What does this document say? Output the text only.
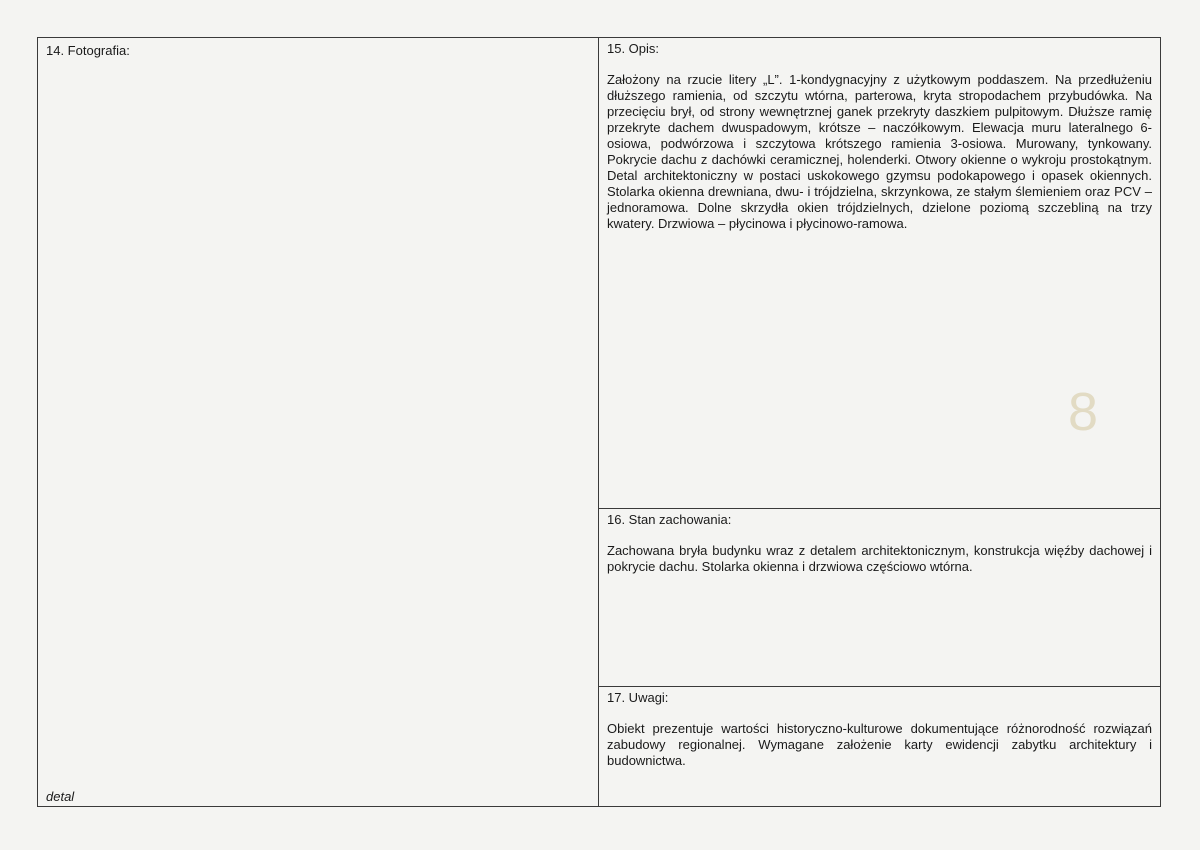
14. Fotografia:
detal
15. Opis:
Założony na rzucie litery „L”. 1-kondygnacyjny z użytkowym poddaszem. Na przedłużeniu dłuższego ramienia, od szczytu wtórna, parterowa, kryta stropodachem przybudówka. Na przecięciu brył, od strony wewnętrznej ganek przekryty daszkiem pulpitowym. Dłuższe ramię przekryte dachem dwuspadowym, krótsze – naczółkowym. Elewacja muru lateralnego 6-osiowa, podwórzowa i szczytowa krótszego ramienia 3-osiowa. Murowany, tynkowany. Pokrycie dachu z dachówki ceramicznej, holenderki. Otwory okienne o wykroju prostokątnym. Detal architektoniczny w postaci uskokowego gzymsu podokapowego i opasek okiennych. Stolarka okienna drewniana, dwu- i trójdzielna, skrzynkowa, ze stałym ślemieniem oraz PCV – jednoramowa. Dolne skrzydła okien trójdzielnych, dzielone poziomą szczebliną na trzy kwatery. Drzwiowa – płycinowa i płycinowo-ramowa.
16. Stan zachowania:
Zachowana bryła budynku wraz z detalem architektonicznym, konstrukcja więźby dachowej i pokrycie dachu. Stolarka okienna i drzwiowa częściowo wtórna.
17. Uwagi:
Obiekt prezentuje wartości historyczno-kulturowe dokumentujące różnorodność rozwiązań zabudowy regionalnej. Wymagane założenie karty ewidencji zabytku architektury i budownictwa.
8
